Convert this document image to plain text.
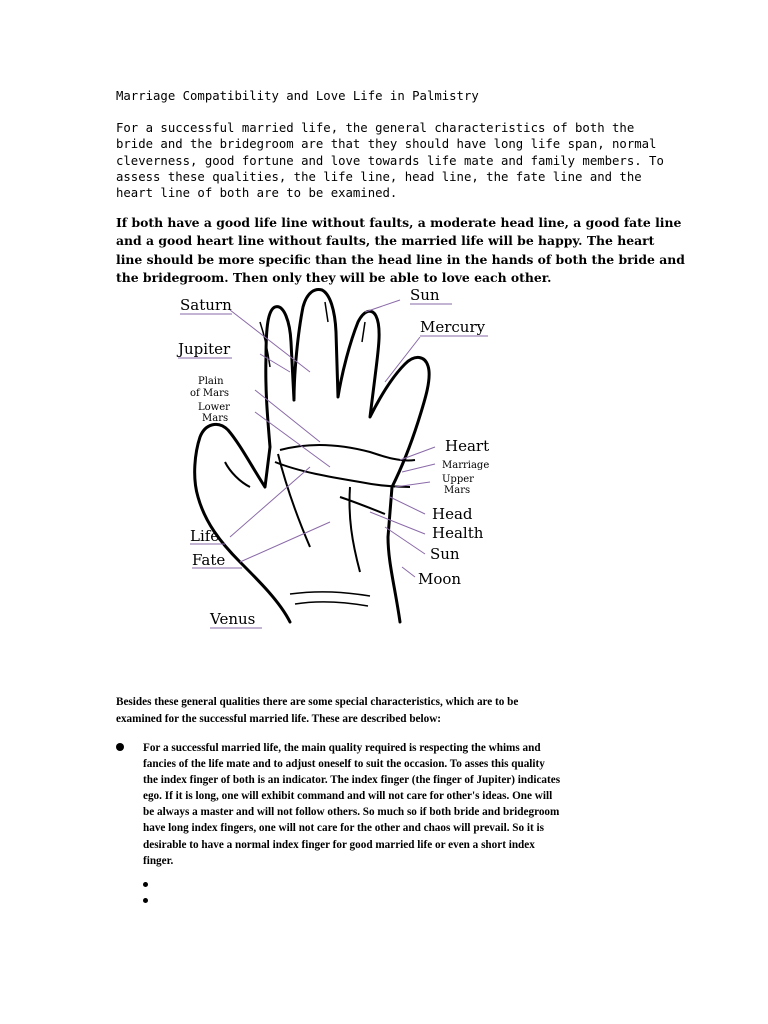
Marriage Compatibility and Love Life in Palmistry
For a successful married life, the general characteristics of both the
bride and the bridegroom are that they should have long life span, normal
cleverness, good fortune and love towards life mate and family members. To
assess these qualities, the life line, head line, the fate line and the
heart line of both are to be examined.
If both have a good life line without faults, a moderate head line, a good fate line
and a good heart line without faults, the married life will be happy. The heart
line should be more specific than the head line in the hands of both the bride and
the bridegroom. Then only they will be able to love each other.
Saturn
Sun
Mercury
Jupiter
Plain
of Mars
Lower
Mars
Heart
Marriage
Upper
Mars
Head
Health
Sun
Moon
Life
Fate
Venus
Besides these general qualities there are some special characteristics, which are to be
examined for the successful married life. These are described below:
For a successful married life, the main quality required is respecting the whims and
fancies of the life mate and to adjust oneself to suit the occasion. To asses this quality
the index finger of both is an indicator. The index finger (the finger of Jupiter) indicates
ego. If it is long, one will exhibit command and will not care for other's ideas. One will
be always a master and will not follow others. So much so if both bride and bridegroom
have long index fingers, one will not care for the other and chaos will prevail. So it is
desirable to have a normal index finger for good married life or even a short index
finger.
